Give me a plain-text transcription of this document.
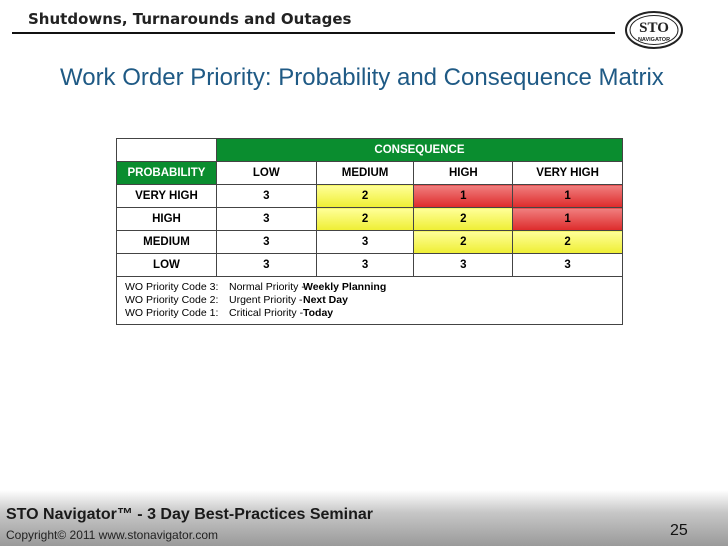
Shutdowns, Turnarounds and Outages	STO
NAVIGATOR
Work Order Priority: Probability and Consequence Matrix
	CONSEQUENCE			
PROBABILITY	LOW	MEDIUM	HIGH	VERY HIGH
VERY HIGH	3	2	1	1
HIGH	3	2	2	1
MEDIUM	3	3	2	2
LOW	3	3	3	3

WO Priority Code 3: Normal Priority -Weekly Planning
WO Priority Code 2: Urgent Priority -Next Day
WO Priority Code 1: Critical Priority -Today				
STO Navigator™ - 3 Day Best-Practices Seminar
Copyright© 2011 www.stonavigator.com	25
